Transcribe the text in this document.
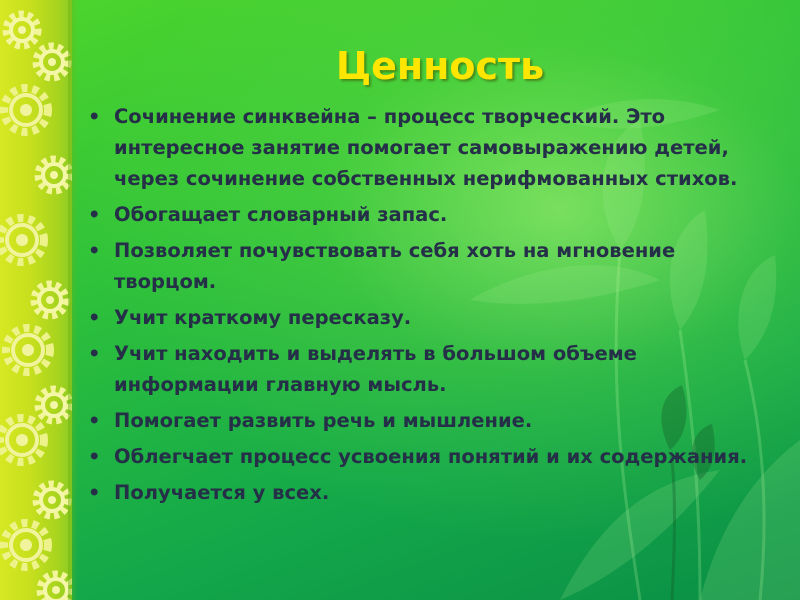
Ценность
• Сочинение синквейна – процесс творческий. Это интересное занятие помогает самовыражению детей, через сочинение собственных нерифмованных стихов.
• Обогащает словарный запас.
• Позволяет почувствовать себя хоть на мгновение творцом.
• Учит краткому пересказу.
• Учит находить и выделять в большом объеме информации главную мысль.
• Помогает развить речь и мышление.
• Облегчает процесс усвоения понятий и их содержания.
• Получается у всех.
